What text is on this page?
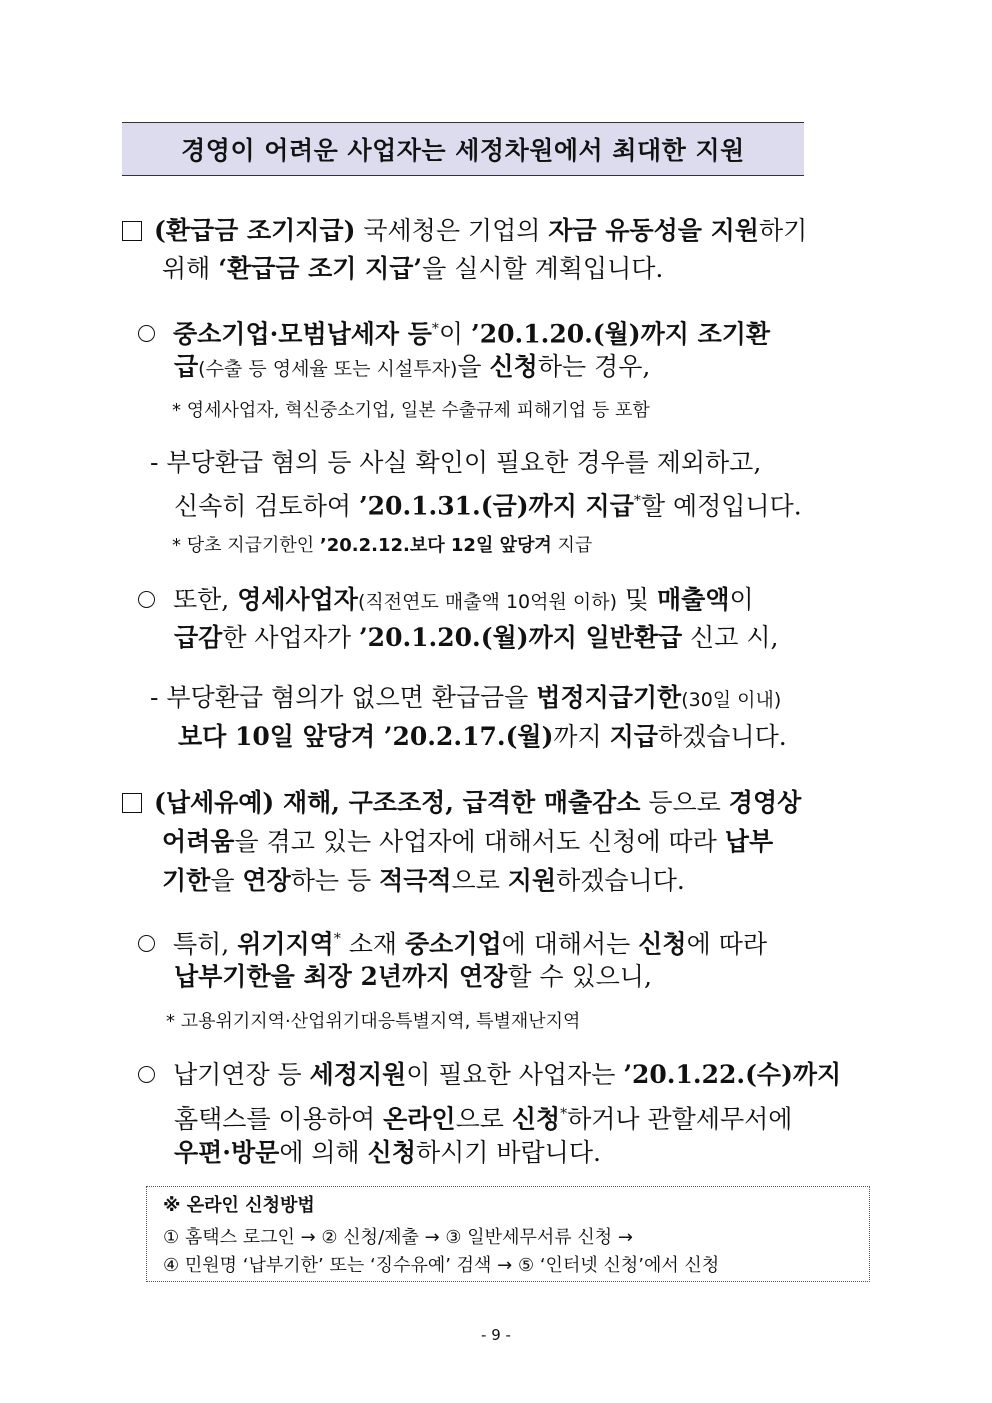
경영이 어려운 사업자는 세정차원에서 최대한 지원
(환급금 조기지급) 국세청은 기업의 자금 유동성을 지원하기
위해 ‘환급금 조기 지급’을 실시할 계획입니다.
중소기업·모범납세자 등*이 ’20.1.20.(월)까지 조기환
급(수출 등 영세율 또는 시설투자)을 신청하는 경우,
* 영세사업자, 혁신중소기업, 일본 수출규제 피해기업 등 포함
- 부당환급 혐의 등 사실 확인이 필요한 경우를 제외하고,
신속히 검토하여 ’20.1.31.(금)까지 지급*할 예정입니다.
* 당초 지급기한인 ’20.2.12.보다 12일 앞당겨 지급
또한, 영세사업자(직전연도 매출액 10억원 이하) 및 매출액이
급감한 사업자가 ’20.1.20.(월)까지 일반환급 신고 시,
- 부당환급 혐의가 없으면 환급금을 법정지급기한(30일 이내)
보다 10일 앞당겨 ’20.2.17.(월)까지 지급하겠습니다.
(납세유예) 재해, 구조조정, 급격한 매출감소 등으로 경영상
어려움을 겪고 있는 사업자에 대해서도 신청에 따라 납부
기한을 연장하는 등 적극적으로 지원하겠습니다.
특히, 위기지역* 소재 중소기업에 대해서는 신청에 따라
납부기한을 최장 2년까지 연장할 수 있으니,
* 고용위기지역·산업위기대응특별지역, 특별재난지역
납기연장 등 세정지원이 필요한 사업자는 ’20.1.22.(수)까지
홈택스를 이용하여 온라인으로 신청*하거나 관할세무서에
우편·방문에 의해 신청하시기 바랍니다.
※ 온라인 신청방법
① 홈택스 로그인 → ② 신청/제출 → ③ 일반세무서류 신청 →
④ 민원명 ‘납부기한’ 또는 ‘징수유예’ 검색 → ⑤ ‘인터넷 신청’에서 신청
- 9 -
